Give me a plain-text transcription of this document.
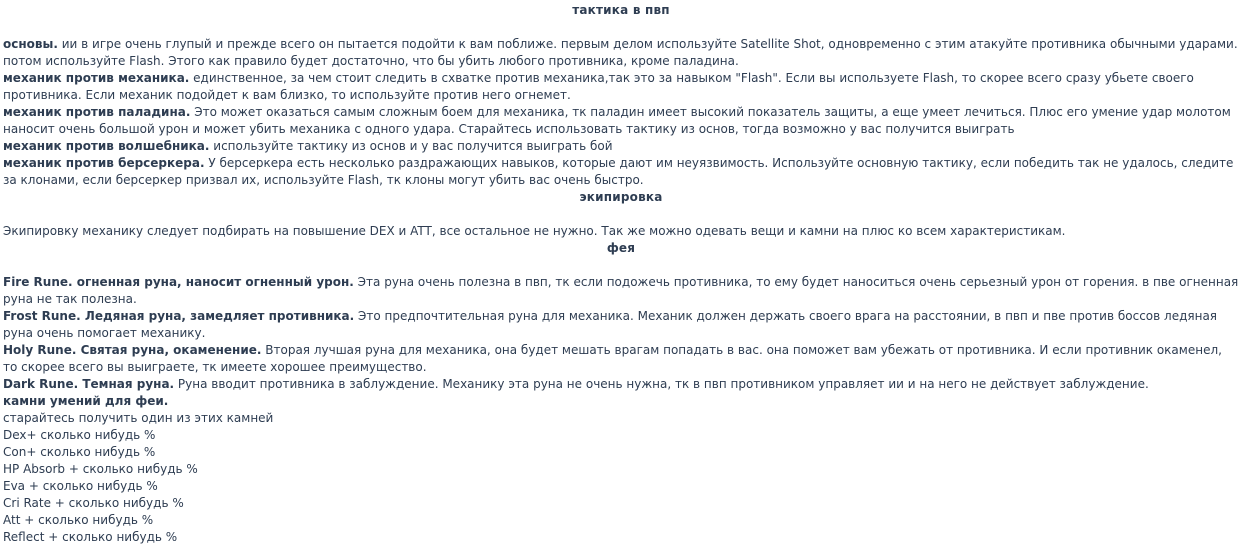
тактика в пвп

основы. ии в игре очень глупый и прежде всего он пытается подойти к вам поближе. первым делом используйте Satellite Shot, одновременно с этим атакуйте противника обычными ударами. потом используйте Flash. Этого как правило будет достаточно, что бы убить любого противника, кроме паладина.

механик против механика. единственное, за чем стоит следить в схватке против механика,так это за навыком "Flash". Если вы используете Flash, то скорее всего сразу убьете своего противника. Если механик подойдет к вам близко, то используйте против него огнемет.

механик против паладина. Это может оказаться самым сложным боем для механика, тк паладин имеет высокий показатель защиты, а еще умеет лечиться. Плюс его умение удар молотом наносит очень большой урон и может убить механика с одного удара. Старайтесь использовать тактику из основ, тогда возможно у вас получится выиграть

механик против волшебника. используйте тактику из основ и у вас получится выиграть бой

механик против берсеркера. У берсеркера есть несколько раздражающих навыков, которые дают им неуязвимость. Используйте основную тактику, если победить так не удалось, следите за клонами, если берсеркер призвал их, используйте Flash, тк клоны могут убить вас очень быстро.

экипировка

Экипировку механику следует подбирать на повышение DEX и ATT, все остальное не нужно. Так же можно одевать вещи и камни на плюс ко всем характеристикам.

фея

Fire Rune. огненная руна, наносит огненный урон. Эта руна очень полезна в пвп, тк если подожечь противника, то ему будет наноситься очень серьезный урон от горения. в пве огненная руна не так полезна.

Frost Rune. Ледяная руна, замедляет противника. Это предпочтительная руна для механика. Механик должен держать своего врага на расстоянии, в пвп и пве против боссов ледяная руна очень помогает механику.

Holy Rune. Святая руна, окаменение. Вторая лучшая руна для механика, она будет мешать врагам попадать в вас. она поможет вам убежать от противника. И если противник окаменел, то скорее всего вы выиграете, тк имеете хорошее преимущество.

Dark Rune. Темная руна. Руна вводит противника в заблуждение. Механику эта руна не очень нужна, тк в пвп противником управляет ии и на него не действует заблуждение.

камни умений для феи.

старайтесь получить один из этих камней

Dex+ сколько нибудь %

Con+ сколько нибудь %

HP Absorb + сколько нибудь %

Eva + сколько нибудь %

Cri Rate + сколько нибудь %

Att + сколько нибудь %

Reflect + сколько нибудь %
